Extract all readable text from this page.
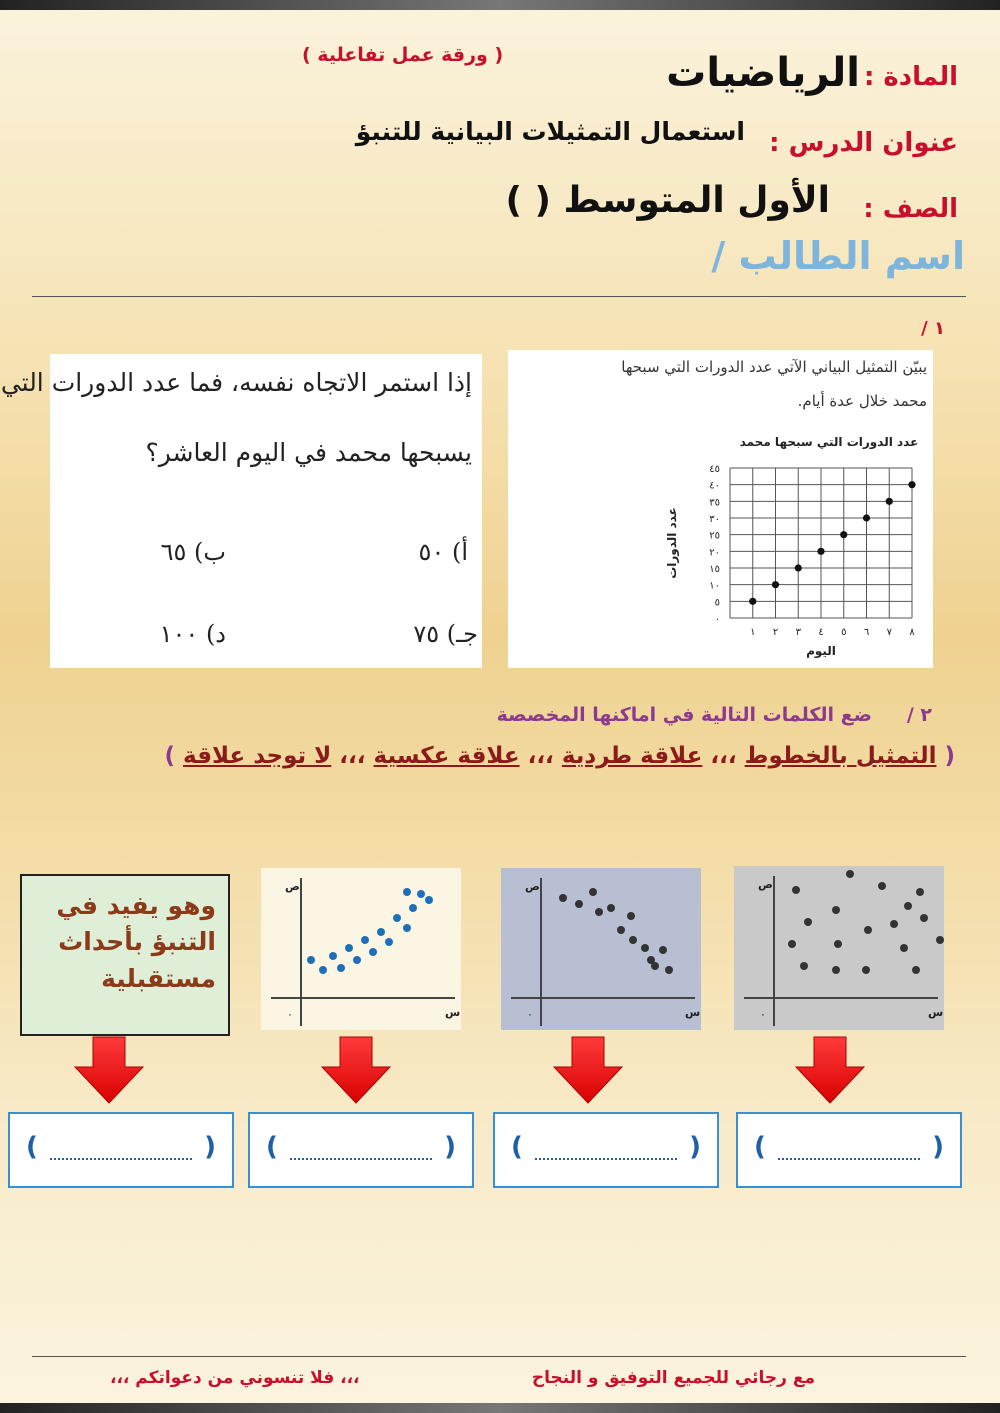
( ورقة عمل تفاعلية )
المادة :
الرياضيات
عنوان الدرس :
استعمال التمثيلات البيانية للتنبؤ
الصف :
الأول المتوسط ( )
اسم الطالب /
١ /
إذا استمر الاتجاه نفسه، فما عدد الدورات التي
يسبحها محمد في اليوم العاشر؟
أ) ٥٠
ب) ٦٥
جـ) ٧٥
د) ١٠٠
يبيّن التمثيل البياني الآتي عدد الدورات التي سبحها
محمد خلال عدة أيام.
عدد الدورات التي سبحها محمد
٠
٥
١٠
١٥
٢٠
٢٥
٣٠
٣٥
٤٠
٤٥
١ ٢ ٣ ٤ ٥ ٦ ٧ ٨
اليوم
عدد الدورات
٢ /
ضع الكلمات التالية في اماكنها المخصصة
( التمثيل بالخطوط ،،، علاقة طردية ،،، علاقة عكسية ،،، لا توجد علاقة )
وهو يفيد في التنبؤ بأحداث مستقبلية
ص
س
٠
ص
س
٠
ص
س
٠
(	) (	) (	) (	)
،،، فلا تنسوني من دعواتكم ،،،	مع رجائي للجميع التوفيق و النجاح
